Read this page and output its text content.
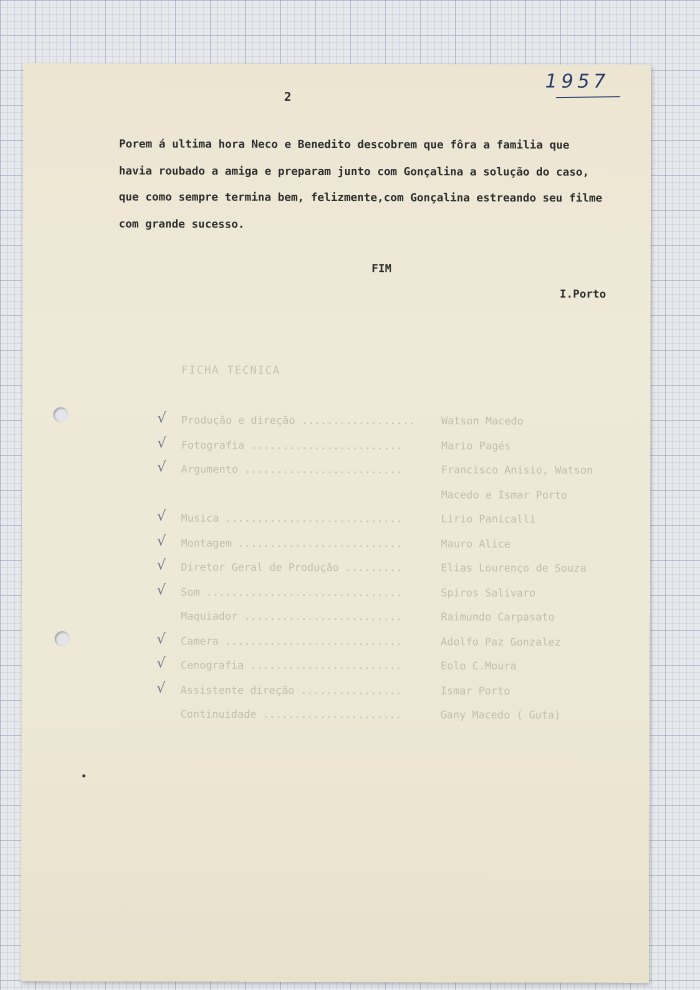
1957
2
Porem á ultima hora Neco e Benedito descobrem que fôra a familia que
havia roubado a amiga e preparam junto com Gonçalina a solução do caso,
que como sempre termina bem, felizmente,com Gonçalina estreando seu filme
com grande sucesso.
FIM
I.Porto
FICHA TECNICA
√	Produção e direção .................. Watson Macedo
√	Fotografia ........................	Mario Pagés
√	Argumento .........................	Francisco Anisio, Watson
Macedo e Ismar Porto
√	Musica ............................	Lirio Panicalli
√	Montagem ..........................	Mauro Alice
√	Diretor Geral de Produção .........	Elias Lourenço de Souza
√	Som ...............................	Spiros Salivaro
Maquiador .........................	Raimundo Carpasato
√	Camera ............................	Adolfo Paz Gonzalez
√	Cenografia ........................	Eolo C.Moura
√	Assistente direção ................	Ismar Porto
Continuidade ......................	Gany Macedo ( Guta)
